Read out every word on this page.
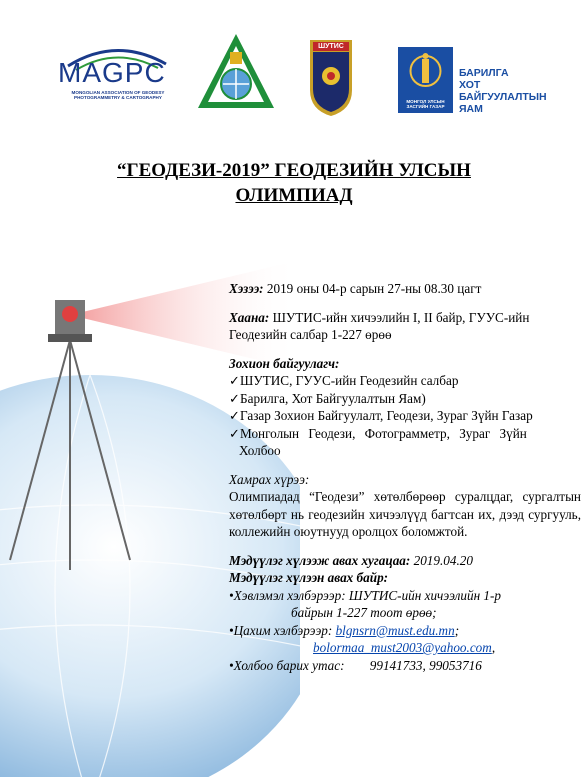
MAGPC
MONGOLIAN ASSOCIATION OF GEODESY PHOTOGRAMMETRY & CARTOGRAPHY
ШУТИС
МОНГОЛ УЛСЫН ЗАСГИЙН ГАЗАР
БАРИЛГА ХОТ БАЙГУУЛАЛТЫН ЯАМ
“ГЕОДЕЗИ-2019” ГЕОДЕЗИЙН УЛСЫН
ОЛИМПИАД
Хэзээ: 2019 оны 04-р сарын 27-ны 08.30 цагт
Хаана: ШУТИС-ийн хичээлийн I, II байр, ГУУС-ийн
Геодезийн салбар 1-227 өрөө
Зохион байгуулагч:
✓ШУТИС, ГУУС-ийн Геодезийн салбар
✓Барилга, Хот Байгуулалтын Яам)
✓Газар Зохион Байгуулалт, Геодези, Зураг Зүйн Газар
✓Монголын Геодези, Фотограмметр, Зураг Зүйн
Холбоо
Хамрах хүрээ:
Олимпиадад “Геодези” хөтөлбөрөөр суралцдаг, сургалтын хөтөлбөрт нь геодезийн хичээлүүд багтсан их, дээд сургууль, коллежийн оюутнууд оролцох боломжтой.
Мэдүүлэг хүлээж авах хугацаа: 2019.04.20
Мэдүүлэг хүлээн авах байр:
•Хэвлэмэл хэлбэрээр: ШУТИС-ийн хичээлийн 1-р
байрын 1-227 тоот өрөө;
•Цахим хэлбэрээр: blgnsrn@must.edu.mn;
bolormaa_must2003@yahoo.com,
•Холбоо барих утас: 99141733, 99053716
